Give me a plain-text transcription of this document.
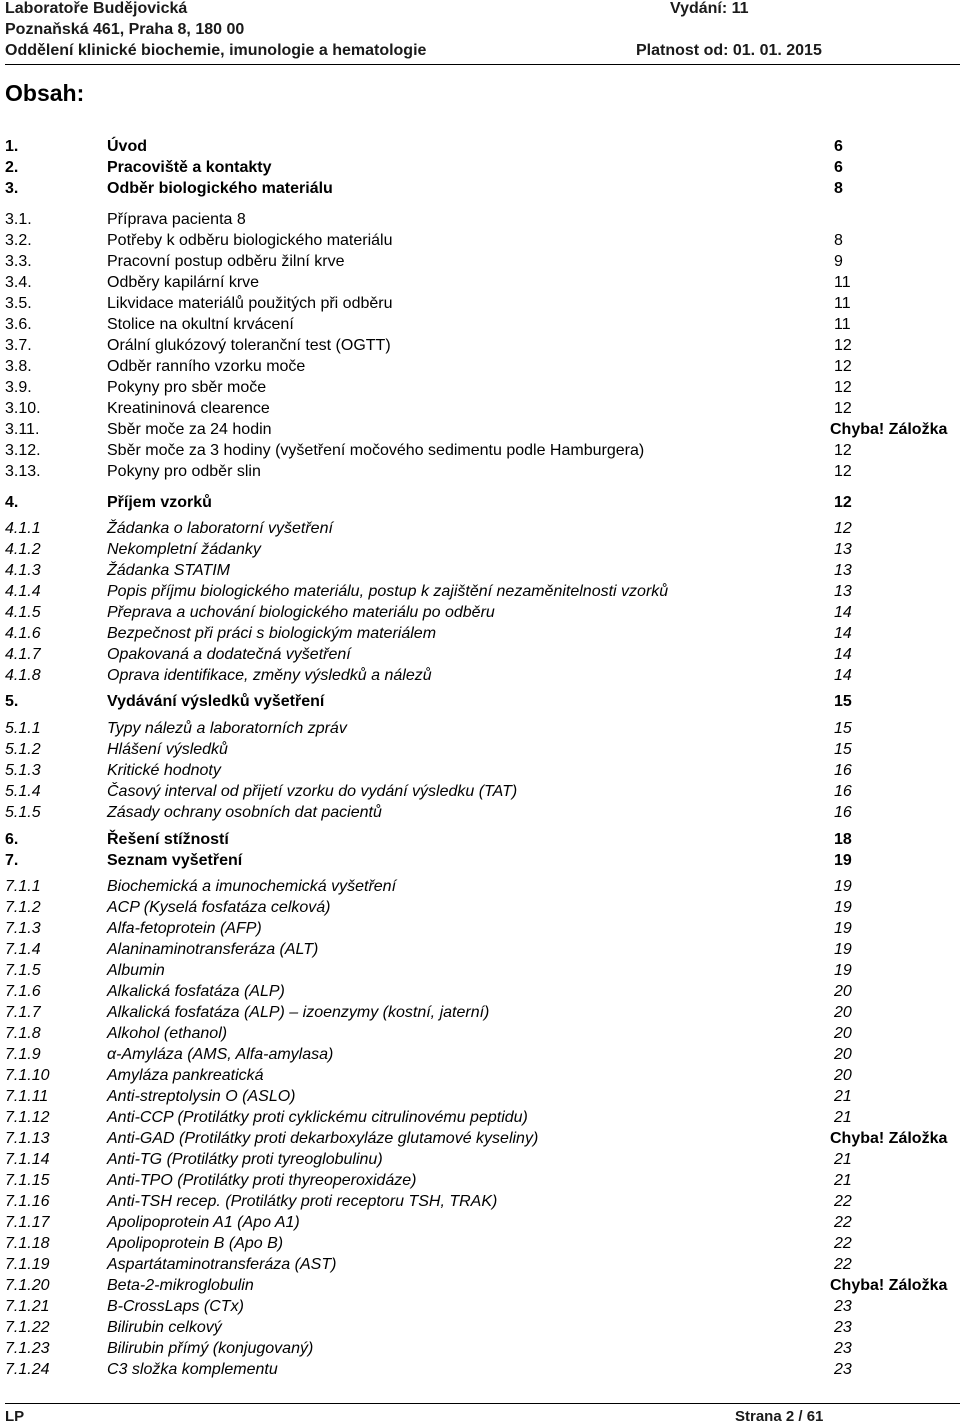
Laboratoře Budějovická	Vydání: 11
Poznaňská 461, Praha 8, 180 00
Oddělení klinické biochemie, imunologie a hematologie	Platnost od: 01. 01. 2015
Obsah:
1.	Úvod	6
2.	Pracoviště a kontakty	6
3.	Odběr biologického materiálu	8
3.1.	Příprava pacienta 8
3.2.	Potřeby k odběru biologického materiálu	8
3.3.	Pracovní postup odběru žilní krve	9
3.4.	Odběry kapilární krve	11
3.5.	Likvidace materiálů použitých při odběru	11
3.6.	Stolice na okultní krvácení	11
3.7.	Orální glukózový toleranční test (OGTT)	12
3.8.	Odběr ranního vzorku moče	12
3.9.	Pokyny pro sběr moče	12
3.10.	Kreatininová clearence	12
3.11.	Sběr moče za 24 hodin	Chyba! Záložka
3.12.	Sběr moče za 3 hodiny (vyšetření močového sedimentu podle Hamburgera)	12
3.13.	Pokyny pro odběr slin	12
4.	Příjem vzorků	12
4.1.1	Žádanka o laboratorní vyšetření	12
4.1.2	Nekompletní žádanky	13
4.1.3	Žádanka STATIM	13
4.1.4	Popis příjmu biologického materiálu, postup k zajištění nezaměnitelnosti vzorků	13
4.1.5	Přeprava a uchování biologického materiálu po odběru	14
4.1.6	Bezpečnost při práci s biologickým materiálem	14
4.1.7	Opakovaná a dodatečná vyšetření	14
4.1.8	Oprava identifikace, změny výsledků a nálezů	14
5.	Vydávání výsledků vyšetření	15
5.1.1	Typy nálezů a laboratorních zpráv	15
5.1.2	Hlášení výsledků	15
5.1.3	Kritické hodnoty	16
5.1.4	Časový interval od přijetí vzorku do vydání výsledku (TAT)	16
5.1.5	Zásady ochrany osobních dat pacientů	16
6.	Řešení stížností	18
7.	Seznam vyšetření	19
7.1.1	Biochemická a imunochemická vyšetření	19
7.1.2	ACP (Kyselá fosfatáza celková)	19
7.1.3	Alfa-fetoprotein (AFP)	19
7.1.4	Alaninaminotransferáza (ALT)	19
7.1.5	Albumin	19
7.1.6	Alkalická fosfatáza (ALP)	20
7.1.7	Alkalická fosfatáza (ALP) – izoenzymy (kostní, jaterní)	20
7.1.8	Alkohol (ethanol)	20
7.1.9	α-Amyláza (AMS, Alfa-amylasa)	20
7.1.10	Amyláza pankreatická	20
7.1.11	Anti-streptolysin O (ASLO)	21
7.1.12	Anti-CCP (Protilátky proti cyklickému citrulinovému peptidu)	21
7.1.13	Anti-GAD (Protilátky proti dekarboxyláze glutamové kyseliny)	Chyba! Záložka
7.1.14	Anti-TG (Protilátky proti tyreoglobulinu)	21
7.1.15	Anti-TPO (Protilátky proti thyreoperoxidáze)	21
7.1.16	Anti-TSH recep. (Protilátky proti receptoru TSH, TRAK)	22
7.1.17	Apolipoprotein A1 (Apo A1)	22
7.1.18	Apolipoprotein B (Apo B)	22
7.1.19	Aspartátaminotransferáza (AST)	22
7.1.20	Beta-2-mikroglobulin	Chyba! Záložka
7.1.21	B-CrossLaps (CTx)	23
7.1.22	Bilirubin celkový	23
7.1.23	Bilirubin přímý (konjugovaný)	23
7.1.24	C3 složka komplementu	23
LP	Strana 2 / 61
